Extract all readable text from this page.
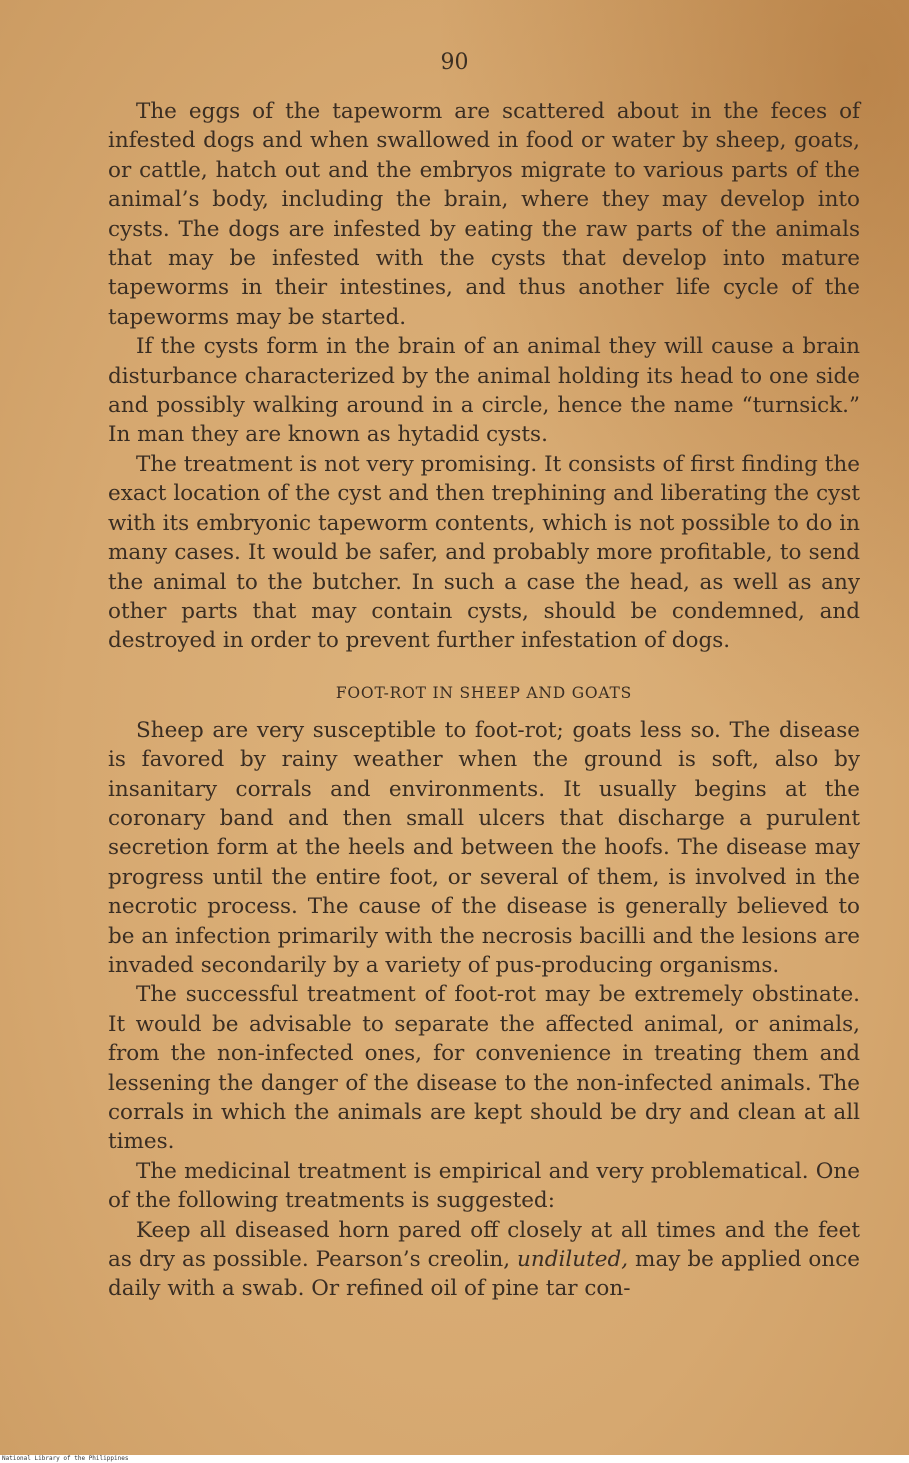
90

The eggs of the tapeworm are scattered about in the feces of infested dogs and when swallowed in food or water by sheep, goats, or cattle, hatch out and the embryos migrate to various parts of the animal’s body, including the brain, where they may develop into cysts. The dogs are infested by eating the raw parts of the animals that may be infested with the cysts that develop into mature tapeworms in their intestines, and thus another life cycle of the tapeworms may be started.

If the cysts form in the brain of an animal they will cause a brain disturbance characterized by the animal holding its head to one side and possibly walking around in a circle, hence the name “turnsick.” In man they are known as hytadid cysts.

The treatment is not very promising. It consists of first finding the exact location of the cyst and then trephining and liberating the cyst with its embryonic tapeworm contents, which is not possible to do in many cases. It would be safer, and probably more profitable, to send the animal to the butcher. In such a case the head, as well as any other parts that may contain cysts, should be condemned, and destroyed in order to prevent further infestation of dogs.

FOOT-ROT IN SHEEP AND GOATS

Sheep are very susceptible to foot-rot; goats less so. The disease is favored by rainy weather when the ground is soft, also by insanitary corrals and environments. It usually begins at the coronary band and then small ulcers that discharge a purulent secretion form at the heels and between the hoofs. The disease may progress until the entire foot, or several of them, is involved in the necrotic process. The cause of the disease is generally believed to be an infection primarily with the necrosis bacilli and the lesions are invaded secondarily by a variety of pus-producing organisms.

The successful treatment of foot-rot may be extremely obstinate. It would be advisable to separate the affected animal, or animals, from the non-infected ones, for convenience in treating them and lessening the danger of the disease to the non-infected animals. The corrals in which the animals are kept should be dry and clean at all times.

The medicinal treatment is empirical and very problematical. One of the following treatments is suggested:

Keep all diseased horn pared off closely at all times and the feet as dry as possible. Pearson’s creolin, undiluted, may be applied once daily with a swab. Or refined oil of pine tar con-

National Library of the Philippines
